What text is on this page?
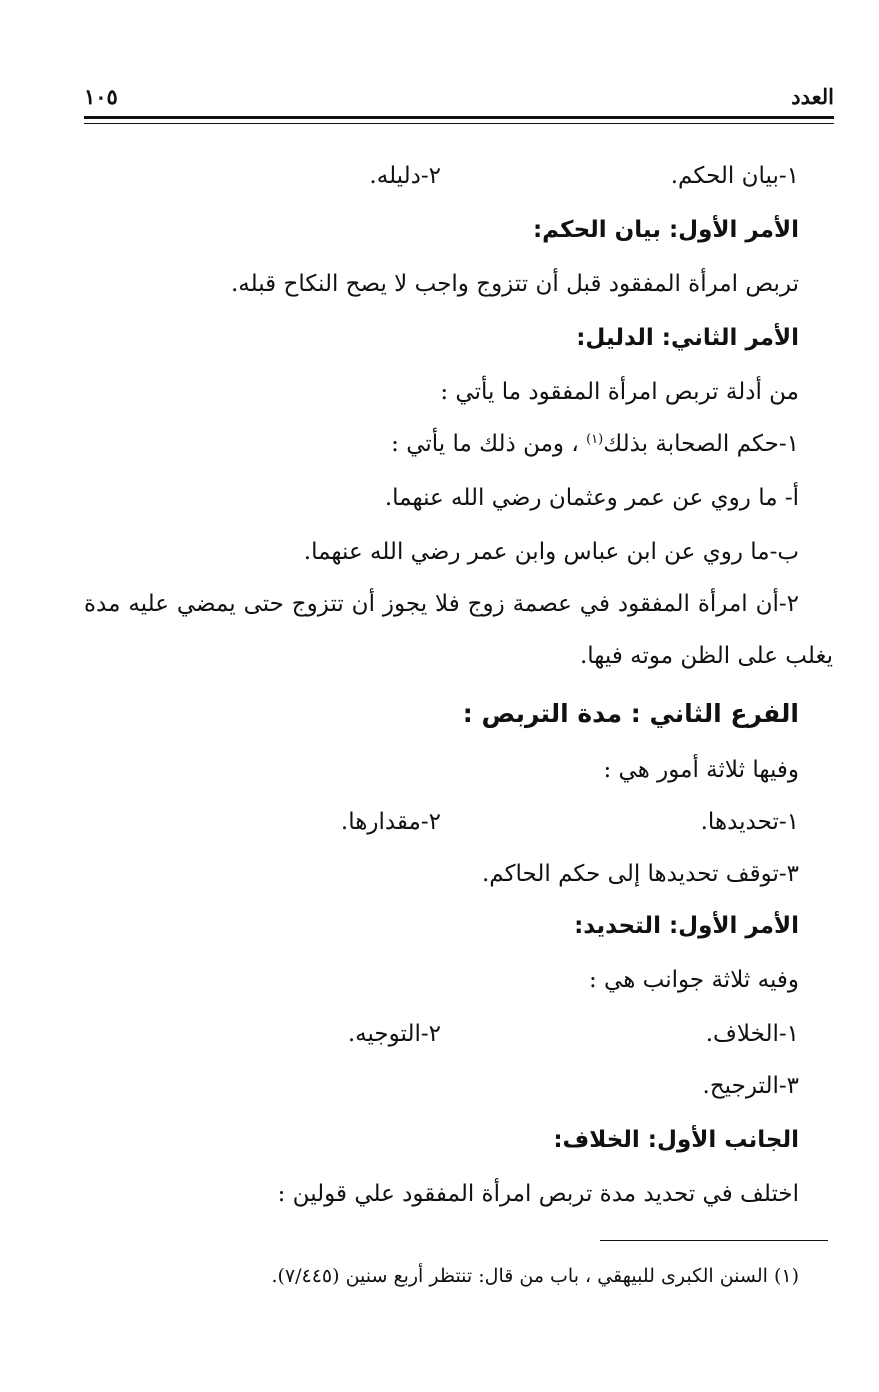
العدد
١٠٥
١-بيان الحكم.
٢-دليله.
الأمر الأول: بيان الحكم:
تربص امرأة المفقود قبل أن تتزوج واجب لا يصح النكاح قبله.
الأمر الثاني: الدليل:
من أدلة تربص امرأة المفقود ما يأتي :
١-حكم الصحابة بذلك$^{(١)}$ ، ومن ذلك ما يأتي :
أ- ما روي عن عمر وعثمان رضي الله عنهما.
ب-ما روي عن ابن عباس وابن عمر رضي الله عنهما.
٢-أن امرأة المفقود في عصمة زوج فلا يجوز أن تتزوج حتى يمضي عليه مدة
يغلب على الظن موته فيها.
الفرع الثاني : مدة التربص :
وفيها ثلاثة أمور هي :
١-تحديدها.
٢-مقدارها.
٣-توقف تحديدها إلى حكم الحاكم.
الأمر الأول: التحديد:
وفيه ثلاثة جوانب هي :
١-الخلاف.
٢-التوجيه.
٣-الترجيح.
الجانب الأول: الخلاف:
اختلف في تحديد مدة تربص امرأة المفقود علي قولين :
(١) السنن الكبرى للبيهقي ، باب من قال: تنتظر أربع سنين (٧/٤٤٥).
